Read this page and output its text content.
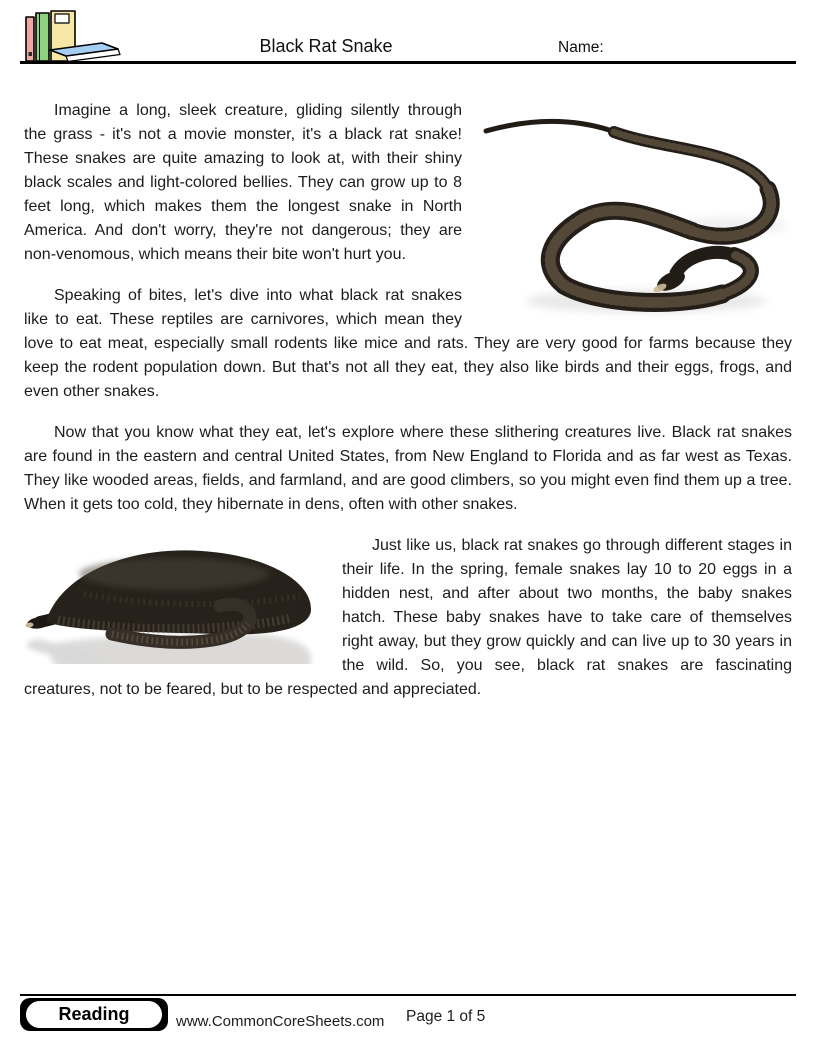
Black Rat Snake	Name:

Imagine a long, sleek creature, gliding silently through the grass - it's not a movie monster, it's a black rat snake! These snakes are quite amazing to look at, with their shiny black scales and light-colored bellies. They can grow up to 8 feet long, which makes them the longest snake in North America. And don't worry, they're not dangerous; they are non-venomous, which means their bite won't hurt you.

Speaking of bites, let's dive into what black rat snakes like to eat. These reptiles are carnivores, which mean they love to eat meat, especially small rodents like mice and rats. They are very good for farms because they keep the rodent population down. But that's not all they eat, they also like birds and their eggs, frogs, and even other snakes.

Now that you know what they eat, let's explore where these slithering creatures live. Black rat snakes are found in the eastern and central United States, from New England to Florida and as far west as Texas. They like wooded areas, fields, and farmland, and are good climbers, so you might even find them up a tree. When it gets too cold, they hibernate in dens, often with other snakes.

Just like us, black rat snakes go through different stages in their life. In the spring, female snakes lay 10 to 20 eggs in a hidden nest, and after about two months, the baby snakes hatch. These baby snakes have to take care of themselves right away, but they grow quickly and can live up to 30 years in the wild. So, you see, black rat snakes are fascinating creatures, not to be feared, but to be respected and appreciated.

Reading	www.CommonCoreSheets.com Page 1 of 5
